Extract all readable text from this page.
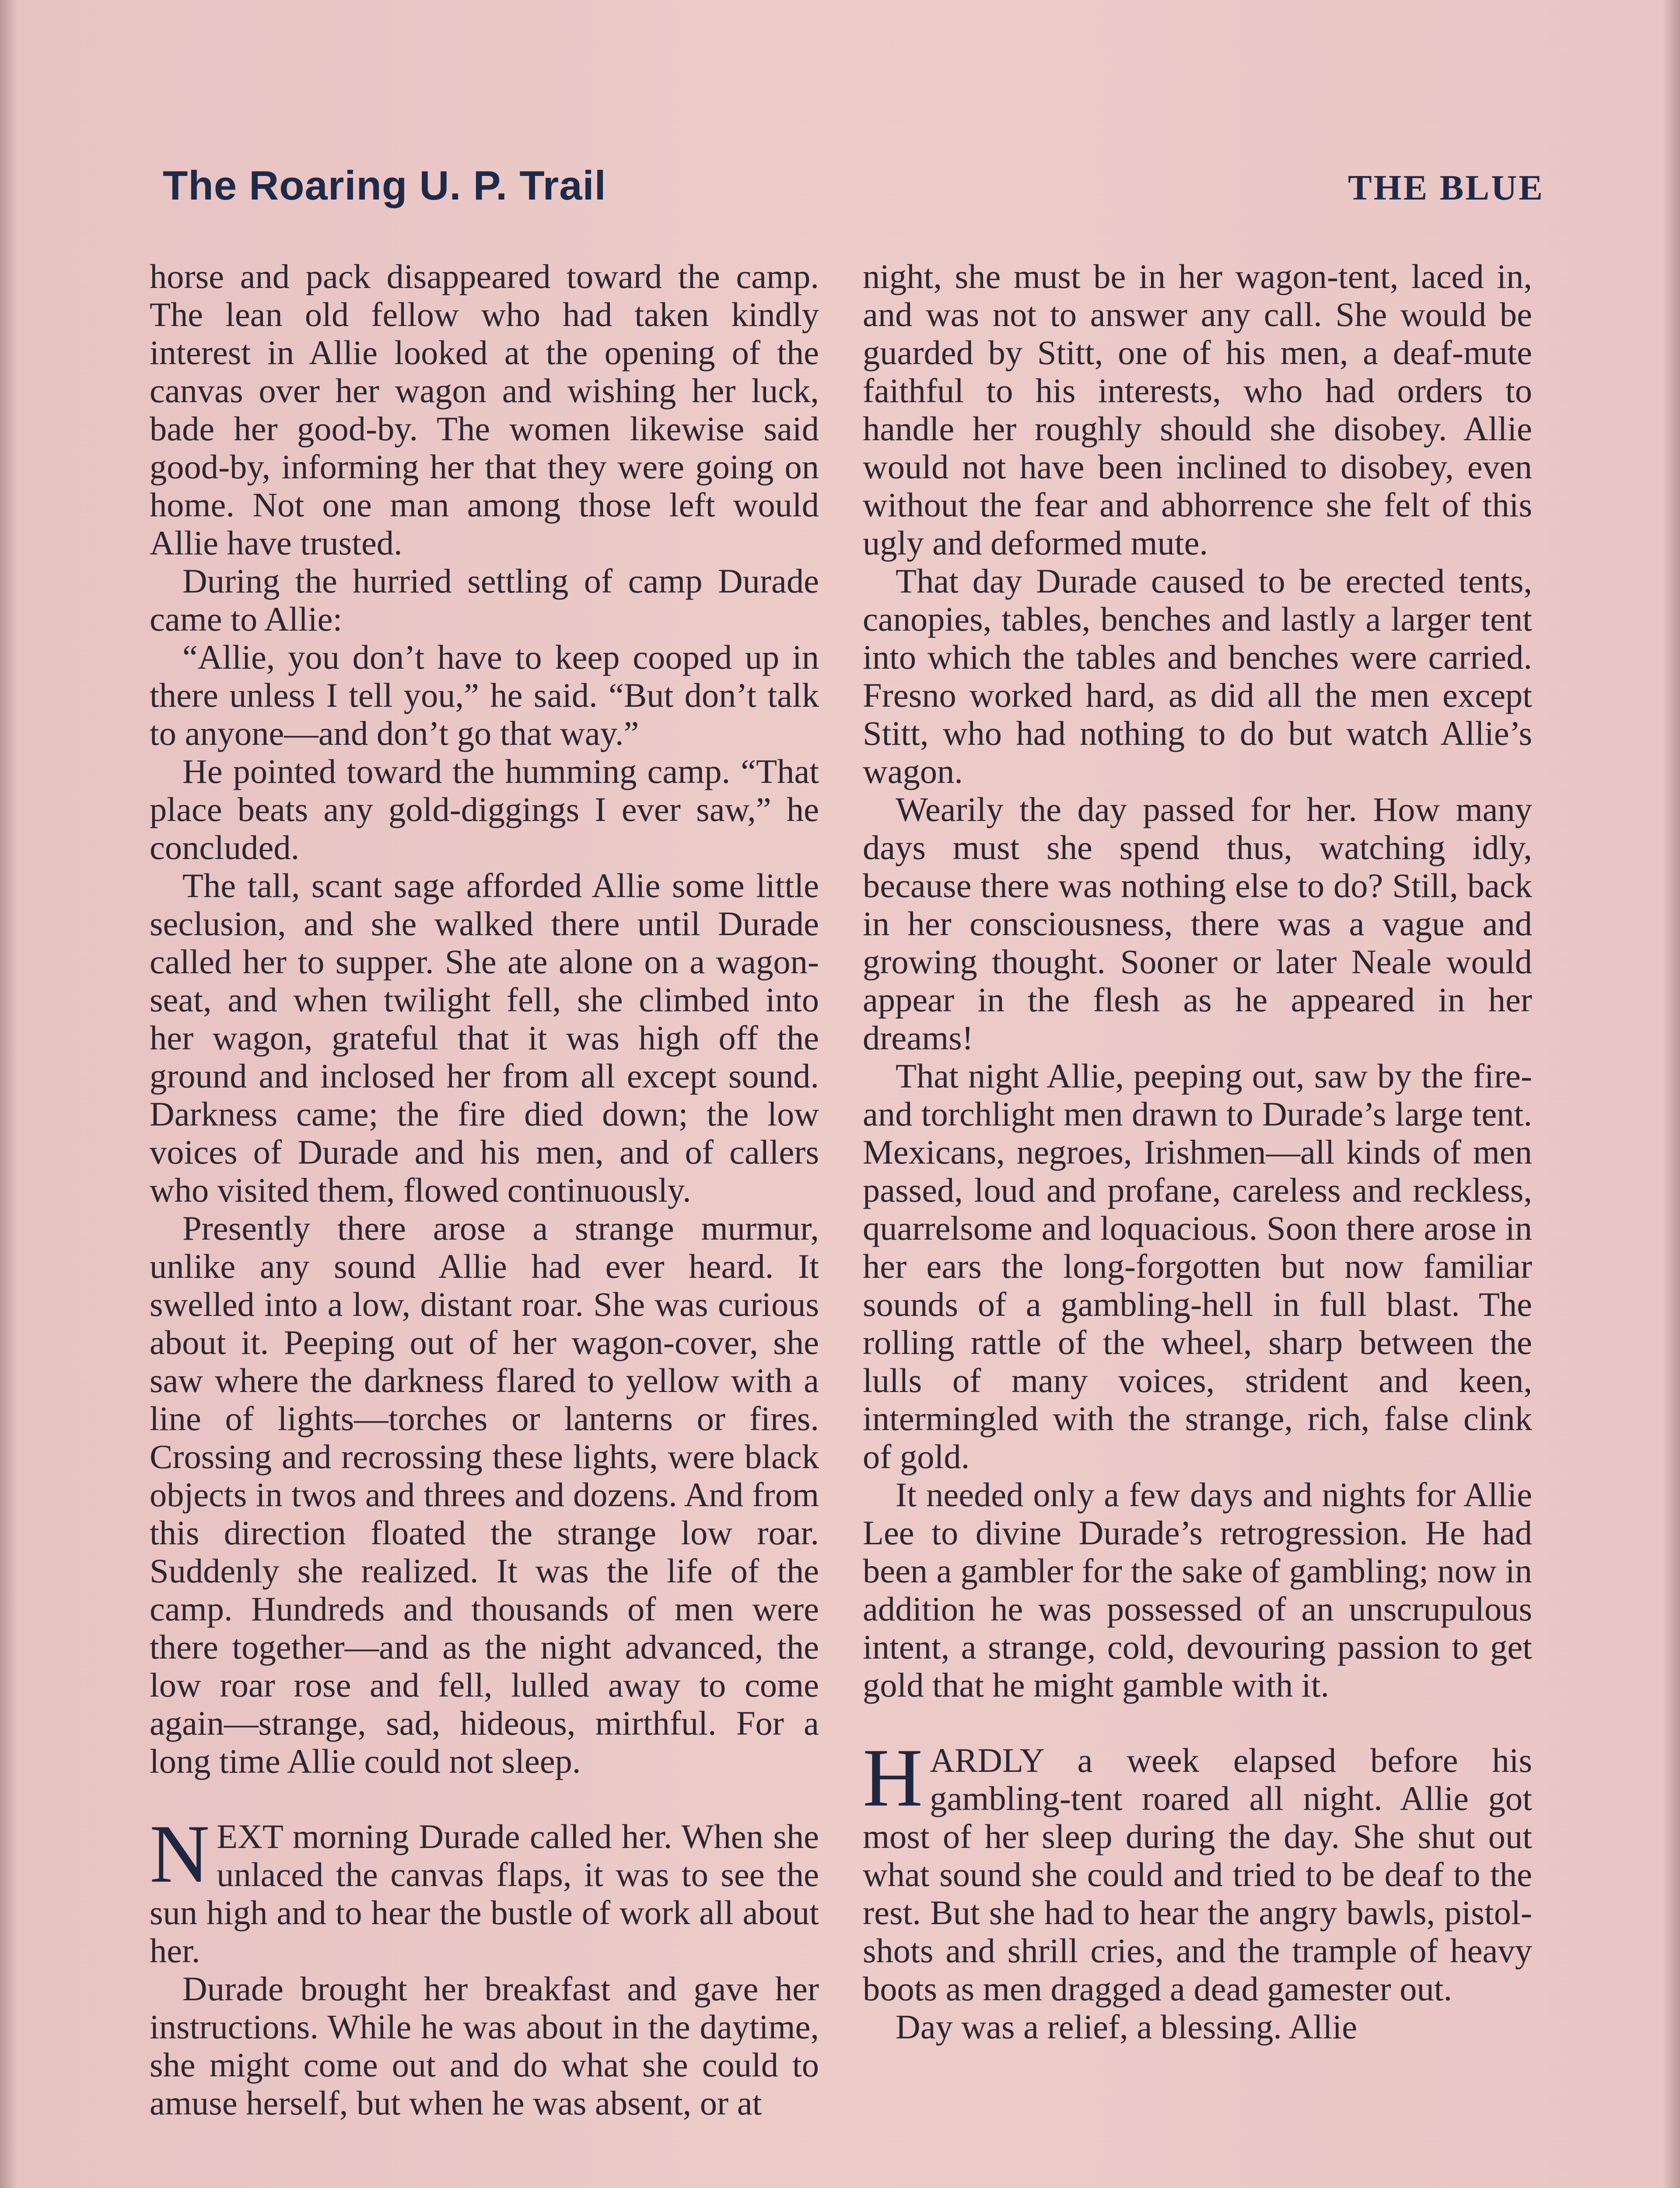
The Roaring U. P. Trail	THE BLUE

horse and pack disappeared toward the camp. The lean old fellow who had taken kindly interest in Allie looked at the opening of the canvas over her wagon and wishing her luck, bade her good-by. The women likewise said good-by, informing her that they were going on home. Not one man among those left would Allie have trusted.

During the hurried settling of camp Durade came to Allie:

“Allie, you don’t have to keep cooped up in there unless I tell you,” he said. “But don’t talk to anyone—and don’t go that way.”

He pointed toward the humming camp. “That place beats any gold-diggings I ever saw,” he concluded.

The tall, scant sage afforded Allie some little seclusion, and she walked there until Durade called her to supper. She ate alone on a wagon-seat, and when twilight fell, she climbed into her wagon, grateful that it was high off the ground and inclosed her from all except sound. Darkness came; the fire died down; the low voices of Durade and his men, and of callers who visited them, flowed continuously.

Presently there arose a strange murmur, unlike any sound Allie had ever heard. It swelled into a low, distant roar. She was curious about it. Peeping out of her wagon-cover, she saw where the darkness flared to yellow with a line of lights—torches or lanterns or fires. Crossing and recrossing these lights, were black objects in twos and threes and dozens. And from this direction floated the strange low roar. Suddenly she realized. It was the life of the camp. Hundreds and thousands of men were there together—and as the night advanced, the low roar rose and fell, lulled away to come again—strange, sad, hideous, mirthful. For a long time Allie could not sleep.

NEXT morning Durade called her. When she unlaced the canvas flaps, it was to see the sun high and to hear the bustle of work all about her.

Durade brought her breakfast and gave her instructions. While he was about in the daytime, she might come out and do what she could to amuse herself, but when he was absent, or at

night, she must be in her wagon-tent, laced in, and was not to answer any call. She would be guarded by Stitt, one of his men, a deaf-mute faithful to his interests, who had orders to handle her roughly should she disobey. Allie would not have been inclined to disobey, even without the fear and abhorrence she felt of this ugly and deformed mute.

That day Durade caused to be erected tents, canopies, tables, benches and lastly a larger tent into which the tables and benches were carried. Fresno worked hard, as did all the men except Stitt, who had nothing to do but watch Allie’s wagon.

Wearily the day passed for her. How many days must she spend thus, watching idly, because there was nothing else to do? Still, back in her consciousness, there was a vague and growing thought. Sooner or later Neale would appear in the flesh as he appeared in her dreams!

That night Allie, peeping out, saw by the fire- and torchlight men drawn to Durade’s large tent. Mexicans, negroes, Irishmen—all kinds of men passed, loud and profane, careless and reckless, quarrelsome and loquacious. Soon there arose in her ears the long-forgotten but now familiar sounds of a gambling-hell in full blast. The rolling rattle of the wheel, sharp between the lulls of many voices, strident and keen, intermingled with the strange, rich, false clink of gold.

It needed only a few days and nights for Allie Lee to divine Durade’s retrogression. He had been a gambler for the sake of gambling; now in addition he was possessed of an unscrupulous intent, a strange, cold, devouring passion to get gold that he might gamble with it.

HARDLY a week elapsed before his gambling-tent roared all night. Allie got most of her sleep during the day. She shut out what sound she could and tried to be deaf to the rest. But she had to hear the angry bawls, pistol-shots and shrill cries, and the trample of heavy boots as men dragged a dead gamester out.

Day was a relief, a blessing. Allie
